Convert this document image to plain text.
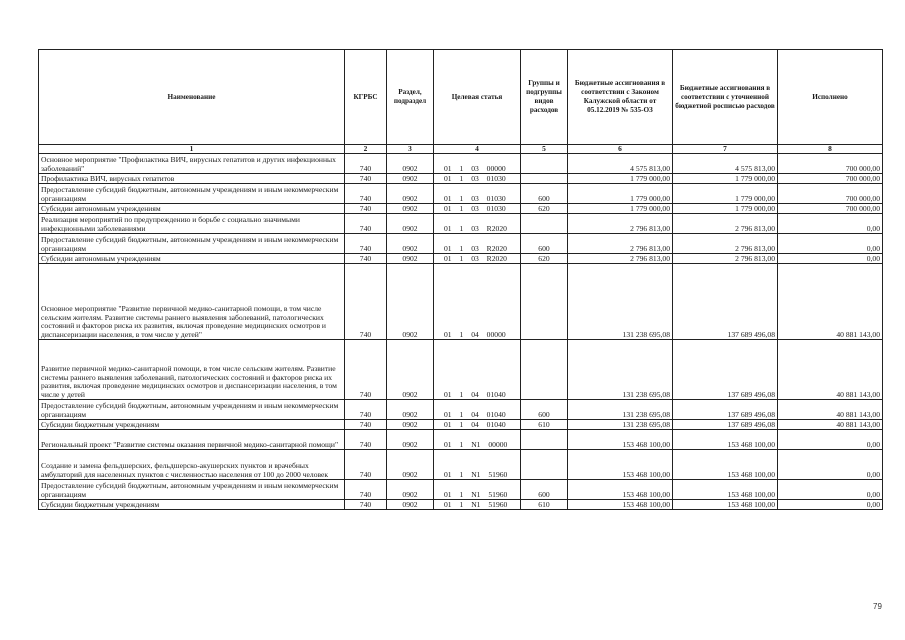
Наименование	КГРБС	Раздел, подраздел	Целевая статья	Группы и подгруппы видов расходов	Бюджетные ассигнования в соответствии с Законом Калужской области от 05.12.2019 № 535-ОЗ	Бюджетные ассигнования в соответствии с уточненной бюджетной росписью расходов	Исполнено
1	2	3	4	5	6	7	8
Основное мероприятие "Профилактика ВИЧ, вирусных гепатитов и других инфекционных заболеваний"	740	0902	01 1 03 00000		4 575 813,00	4 575 813,00	700 000,00
Профилактика ВИЧ, вирусных гепатитов	740	0902	01 1 03 01030		1 779 000,00	1 779 000,00	700 000,00
Предоставление субсидий бюджетным, автономным учреждениям и иным некоммерческим организациям	740	0902	01 1 03 01030	600	1 779 000,00	1 779 000,00	700 000,00
Субсидии автономным учреждениям	740	0902	01 1 03 01030	620	1 779 000,00	1 779 000,00	700 000,00
Реализация мероприятий по предупреждению и борьбе с социально значимыми инфекционными заболеваниями	740	0902	01 1 03 R2020		2 796 813,00	2 796 813,00	0,00
Предоставление субсидий бюджетным, автономным учреждениям и иным некоммерческим организациям	740	0902	01 1 03 R2020	600	2 796 813,00	2 796 813,00	0,00
Субсидии автономным учреждениям	740	0902	01 1 03 R2020	620	2 796 813,00	2 796 813,00	0,00
Основное мероприятие "Развитие первичной медико-санитарной помощи, в том числе сельским жителям. Развитие системы раннего выявления заболеваний, патологических состояний и факторов риска их развития, включая проведение медицинских осмотров и диспансеризации населения, в том числе у детей"	740	0902	01 1 04 00000		131 238 695,08	137 689 496,08	40 881 143,00
Развитие первичной медико-санитарной помощи, в том числе сельским жителям. Развитие системы раннего выявления заболеваний, патологических состояний и факторов риска их развития, включая проведение медицинских осмотров и диспансеризации населения, в том числе у детей	740	0902	01 1 04 01040		131 238 695,08	137 689 496,08	40 881 143,00
Предоставление субсидий бюджетным, автономным учреждениям и иным некоммерческим организациям	740	0902	01 1 04 01040	600	131 238 695,08	137 689 496,08	40 881 143,00
Субсидии бюджетным учреждениям	740	0902	01 1 04 01040	610	131 238 695,08	137 689 496,08	40 881 143,00
Региональный проект "Развитие системы оказания первичной медико-санитарной помощи"	740	0902	01 1 N1 00000		153 468 100,00	153 468 100,00	0,00
Создание и замена фельдшерских, фельдшерско-акушерских пунктов и врачебных амбулаторий для населенных пунктов с численностью населения от 100 до 2000 человек	740	0902	01 1 N1 51960		153 468 100,00	153 468 100,00	0,00
Предоставление субсидий бюджетным, автономным учреждениям и иным некоммерческим организациям	740	0902	01 1 N1 51960	600	153 468 100,00	153 468 100,00	0,00
Субсидии бюджетным учреждениям	740	0902	01 1 N1 51960	610	153 468 100,00	153 468 100,00	0,00
79
